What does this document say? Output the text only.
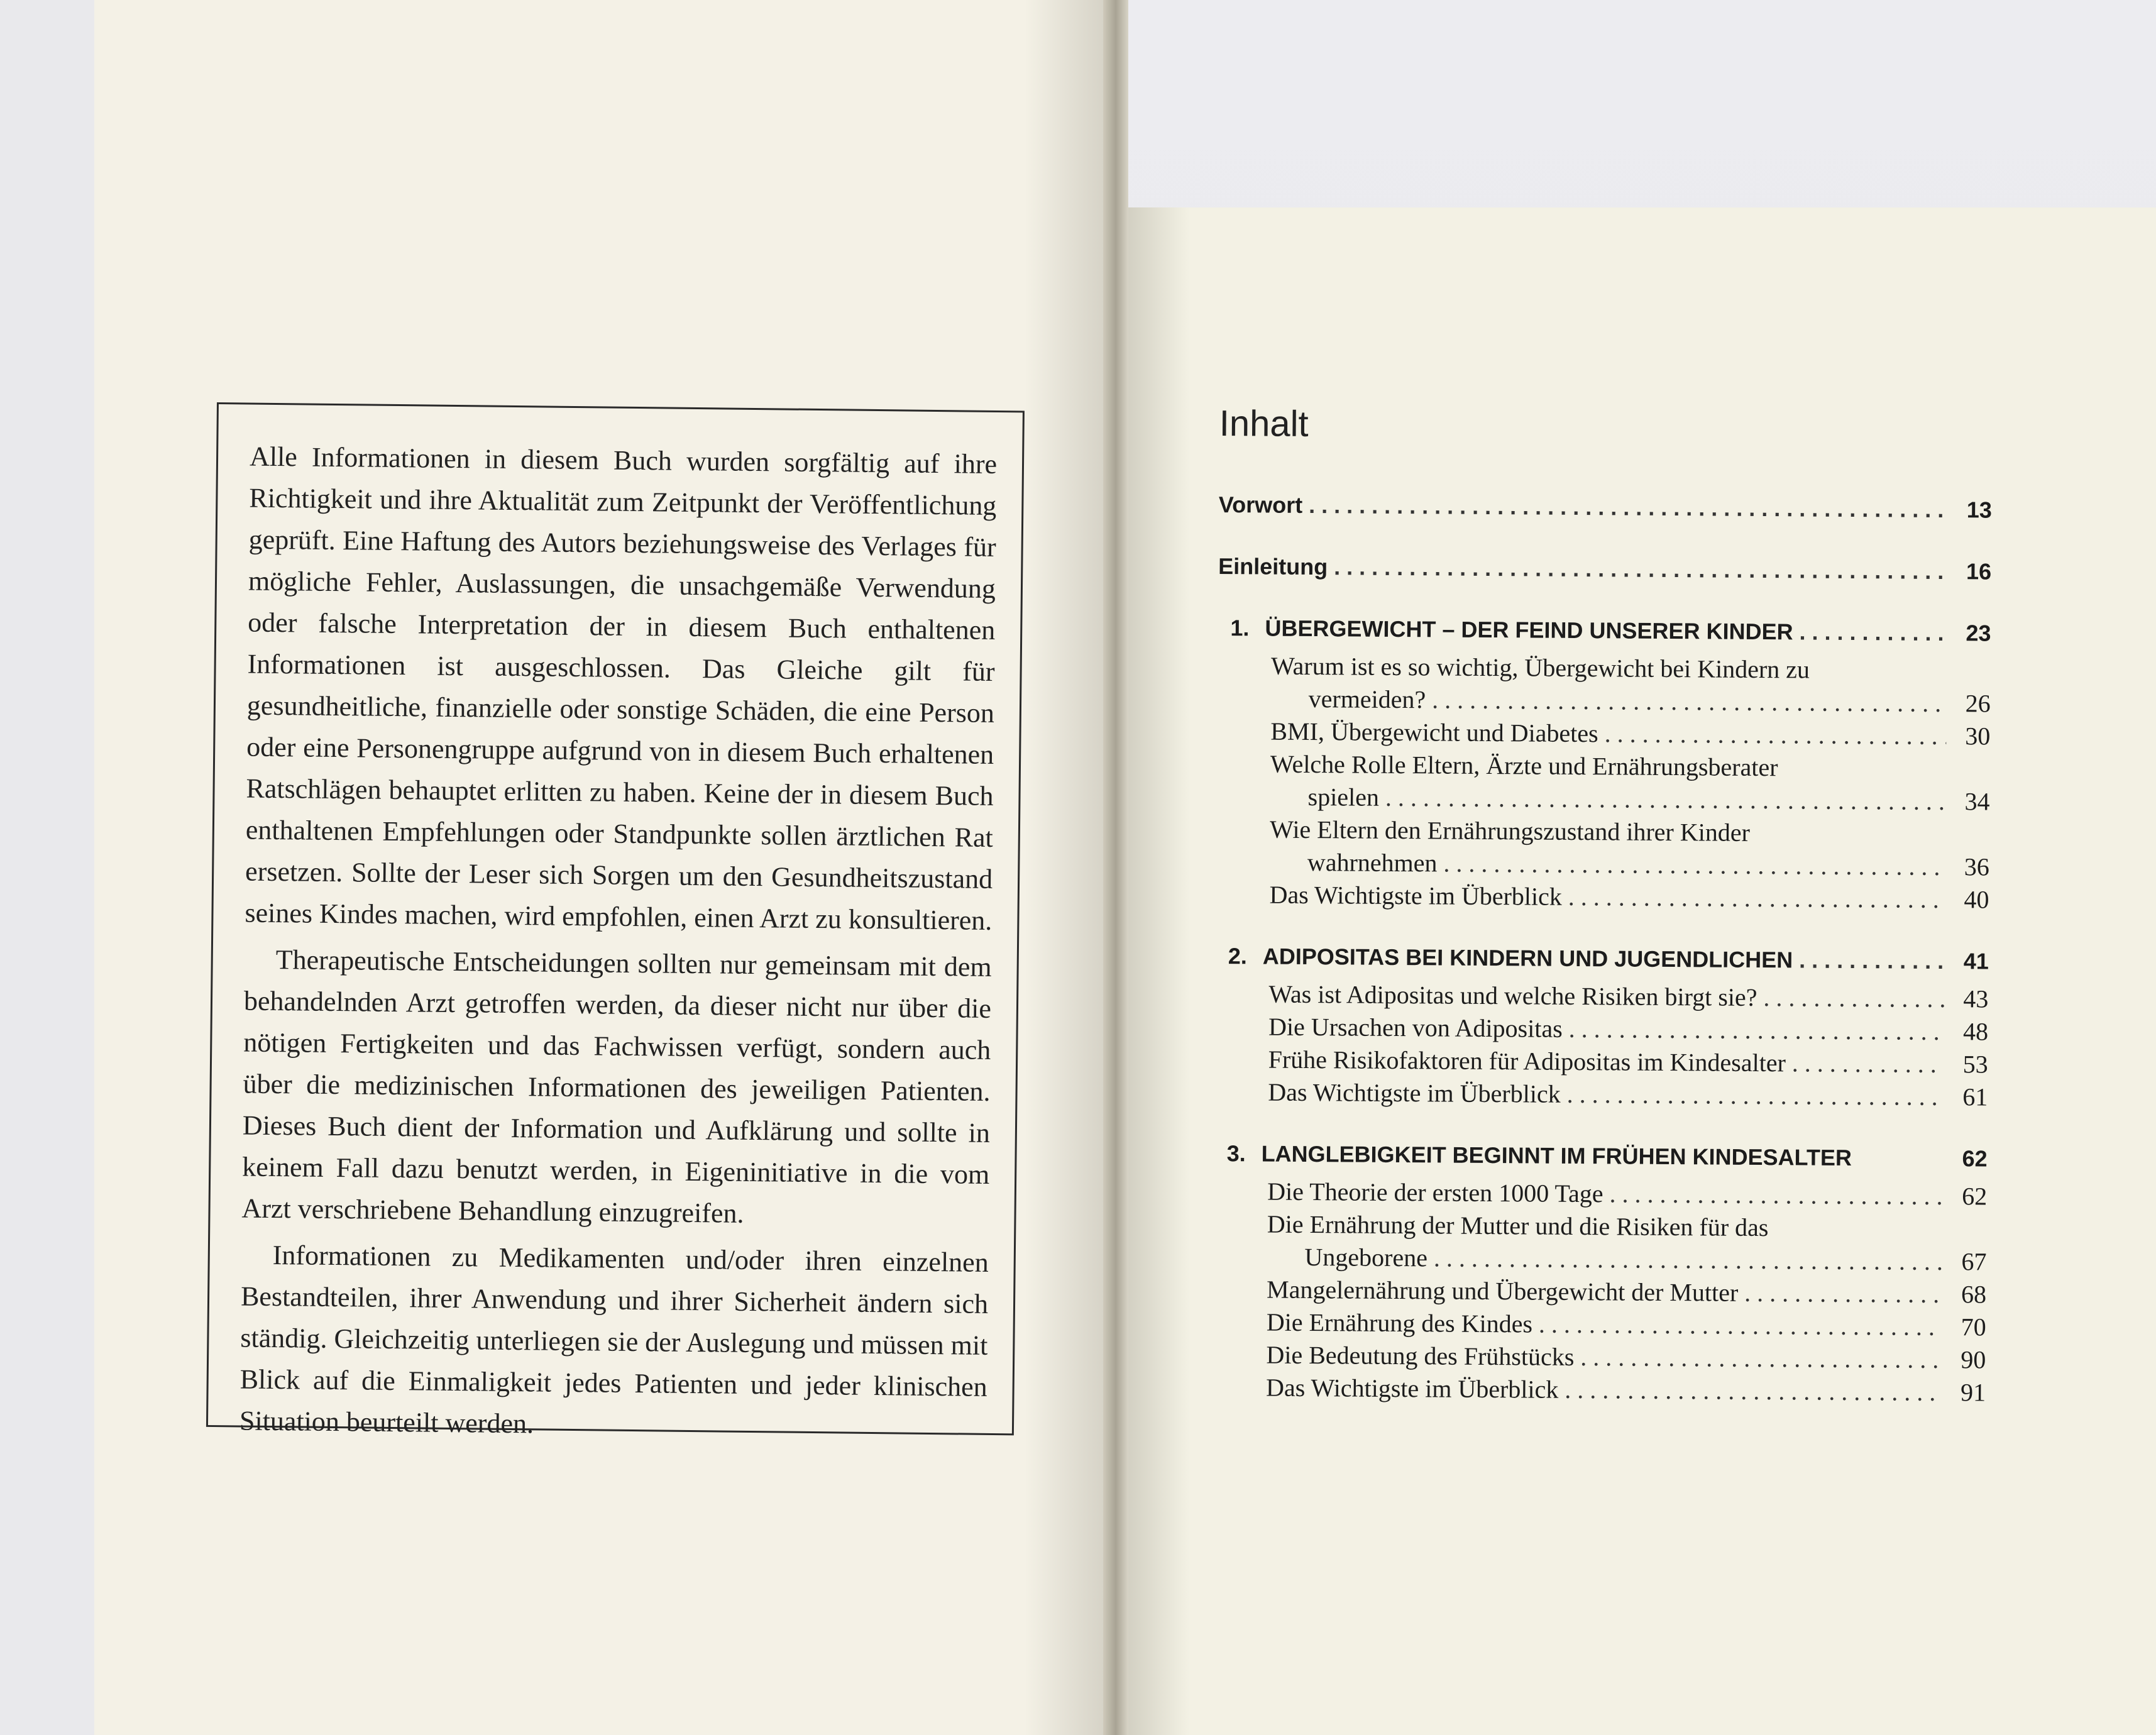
Alle Informationen in diesem Buch wurden sorgfältig auf ihre Richtigkeit und ihre Aktualität zum Zeitpunkt der Veröffentlichung geprüft. Eine Haftung des Autors beziehungsweise des Verlages für mögliche Fehler, Auslassungen, die unsachgemäße Verwendung oder falsche Interpretation der in diesem Buch enthaltenen Informationen ist ausgeschlossen. Das Gleiche gilt für gesundheitliche, finanzielle oder sonstige Schäden, die eine Person oder eine Personengruppe aufgrund von in diesem Buch erhaltenen Ratschlägen behauptet erlitten zu haben. Keine der in diesem Buch enthaltenen Empfehlungen oder Standpunkte sollen ärztlichen Rat ersetzen. Sollte der Leser sich Sorgen um den Gesundheitszustand seines Kindes machen, wird empfohlen, einen Arzt zu konsultieren.

Therapeutische Entscheidungen sollten nur gemeinsam mit dem behandelnden Arzt getroffen werden, da dieser nicht nur über die nötigen Fertigkeiten und das Fachwissen verfügt, sondern auch über die medizinischen Informationen des jeweiligen Patienten. Dieses Buch dient der Information und Aufklärung und sollte in keinem Fall dazu benutzt werden, in Eigeninitiative in die vom Arzt verschriebene Behandlung einzugreifen.

Informationen zu Medikamenten und/oder ihren einzelnen Bestandteilen, ihrer Anwendung und ihrer Sicherheit ändern sich ständig. Gleichzeitig unterliegen sie der Auslegung und müssen mit Blick auf die Einmaligkeit jedes Patienten und jeder klinischen Situation beurteilt werden.

Inhalt
Vorwort . . .	13
Einleitung . . .	16
1. ÜBERGEWICHT – DER FEIND UNSERER KINDER . . .	23
Warum ist es so wichtig, Übergewicht bei Kindern zu
vermeiden? . . .	26
BMI, Übergewicht und Diabetes . . .	30
Welche Rolle Eltern, Ärzte und Ernährungsberater
spielen . . .	34
Wie Eltern den Ernährungszustand ihrer Kinder
wahrnehmen . . .	36
Das Wichtigste im Überblick . . .	40
2. ADIPOSITAS BEI KINDERN UND JUGENDLICHEN . . .	41
Was ist Adipositas und welche Risiken birgt sie? . . .	43
Die Ursachen von Adipositas . . .	48
Frühe Risikofaktoren für Adipositas im Kindesalter . . .	53
Das Wichtigste im Überblick . . .	61
3. LANGLEBIGKEIT BEGINNT IM FRÜHEN KINDESALTER	62
Die Theorie der ersten 1000 Tage . . .	62
Die Ernährung der Mutter und die Risiken für das
Ungeborene . . .	67
Mangelernährung und Übergewicht der Mutter . . .	68
Die Ernährung des Kindes . . .	70
Die Bedeutung des Frühstücks . . .	90
Das Wichtigste im Überblick . . .	91
